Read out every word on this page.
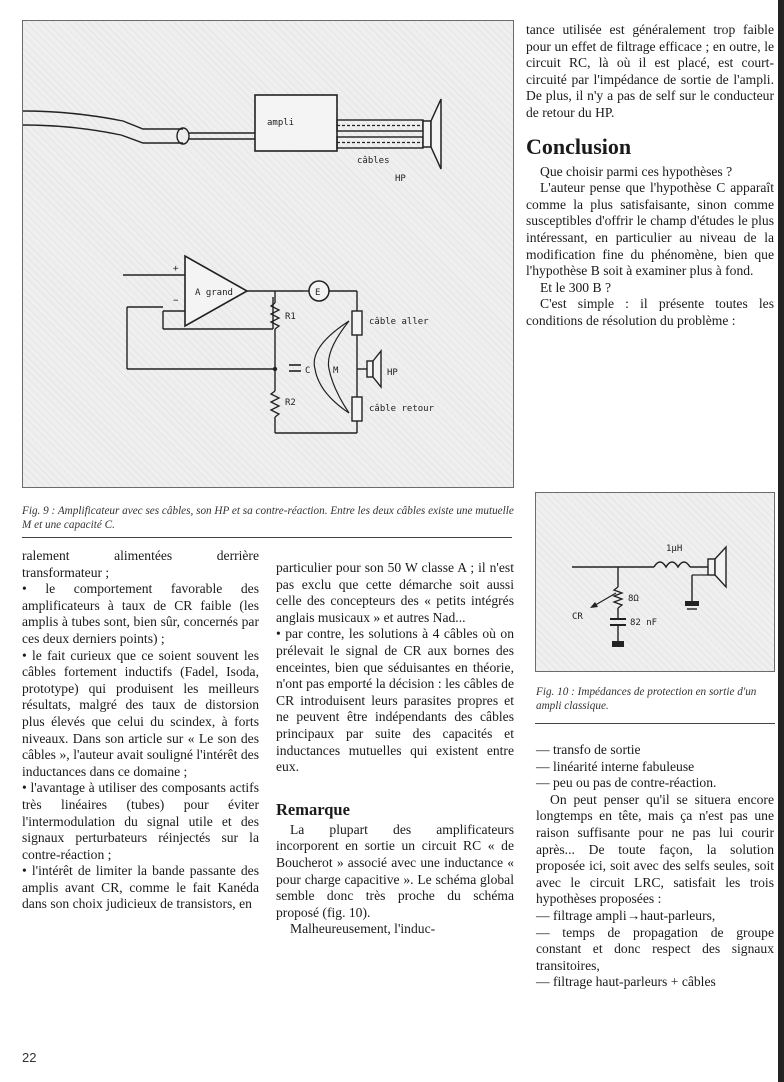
ampli
câbles
HP
+
−
A grand
R1
R2
E
câble aller
HP
câble retour
C	M
Fig. 9 : Amplificateur avec ses câbles, son HP et sa contre-réaction. Entre les deux câbles existe une mutuelle M et une capacité C.

ralement alimentées derrière transformateur ;

• le comportement favorable des amplificateurs à taux de CR faible (les amplis à tubes sont, bien sûr, concernés par ces deux derniers points) ;

• le fait curieux que ce soient souvent les câbles fortement inductifs (Fadel, Isoda, prototype) qui produisent les meilleurs résultats, malgré des taux de distorsion plus élevés que celui du scindex, à forts niveaux. Dans son article sur « Le son des câbles », l'auteur avait souligné l'intérêt des inductances dans ce domaine ;

• l'avantage à utiliser des composants actifs très linéaires (tubes) pour éviter l'intermodulation du signal utile et des signaux perturbateurs réinjectés sur la contre-réaction ;

• l'intérêt de limiter la bande passante des amplis avant CR, comme le fait Kanéda dans son choix judicieux de transistors, en

particulier pour son 50 W classe A ; il n'est pas exclu que cette démarche soit aussi celle des concepteurs des « petits intégrés anglais musicaux » et autres Nad...

• par contre, les solutions à 4 câbles où on prélevait le signal de CR aux bornes des enceintes, bien que séduisantes en théorie, n'ont pas emporté la décision : les câbles de CR introduisent leurs parasites propres et ne peuvent être indépendants des câbles principaux par suite des capacités et inductances mutuelles qui existent entre eux.

Remarque

La plupart des amplificateurs incorporent en sortie un circuit RC « de Boucherot » associé avec une inductance « pour charge capacitive ». Le schéma global semble donc très proche du schéma proposé (fig. 10).

Malheureusement, l'induc-

tance utilisée est généralement trop faible pour un effet de filtrage efficace ; en outre, le circuit RC, là où il est placé, est court-circuité par l'impédance de sortie de l'ampli. De plus, il n'y a pas de self sur le conducteur de retour du HP.

Conclusion

Que choisir parmi ces hypothèses ?

L'auteur pense que l'hypothèse C apparaît comme la plus satisfaisante, sinon comme susceptibles d'offrir le champ d'études le plus intéressant, en particulier au niveau de la modification fine du phénomène, bien que l'hypothèse B soit à examiner plus à fond.

Et le 300 B ?

C'est simple : il présente toutes les conditions de résolution du problème :

1µH
8Ω
82 nF
CR
Fig. 10 : Impédances de protection en sortie d'un ampli classique.

— transfo de sortie

— linéarité interne fabuleuse

— peu ou pas de contre-réaction.

On peut penser qu'il se situera encore longtemps en tête, mais ça n'est pas une raison suffisante pour ne pas lui courir après... De toute façon, la solution proposée ici, soit avec des selfs seules, soit avec le circuit LRC, satisfait les trois hypothèses proposées :

— filtrage ampli→haut-parleurs,

— temps de propagation de groupe constant et donc respect des signaux transitoires,

— filtrage haut-parleurs + câbles

22
